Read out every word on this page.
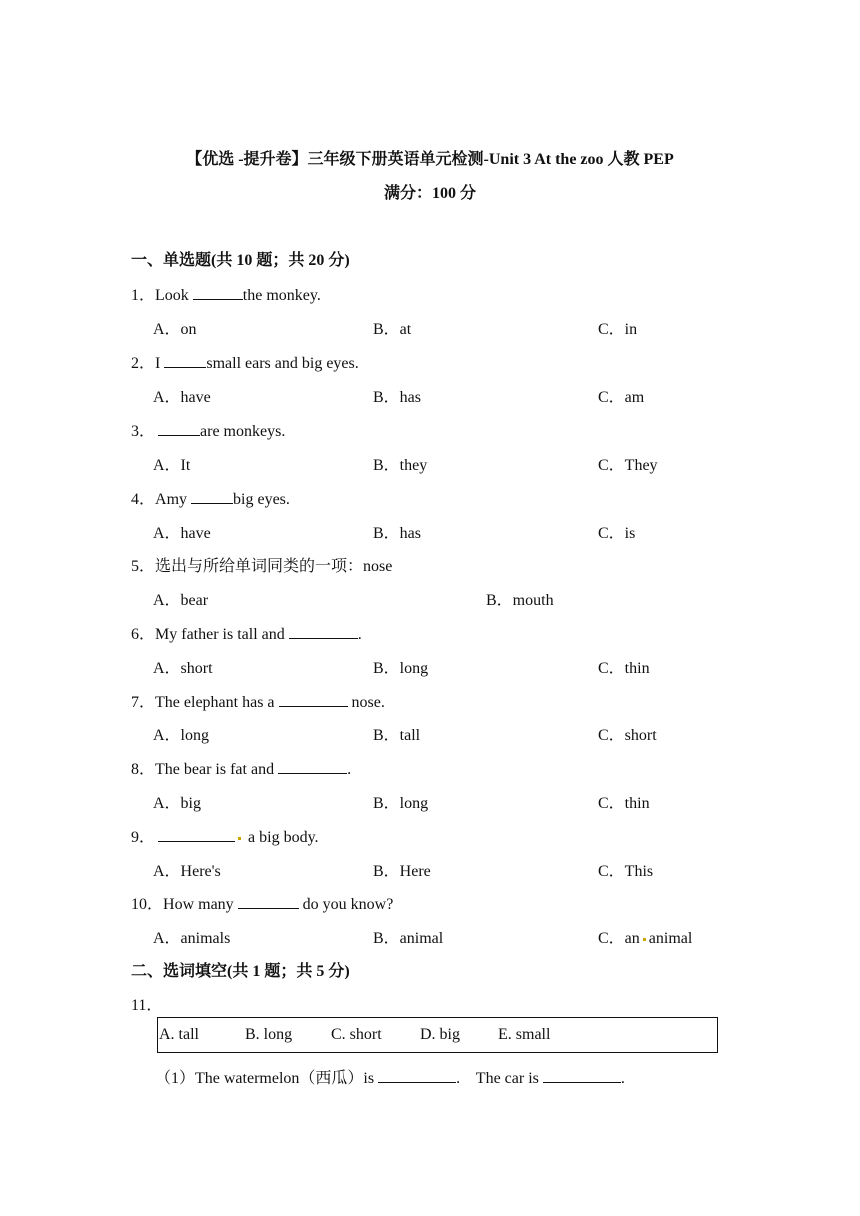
【优选 -提升卷】三年级下册英语单元检测-Unit 3 At the zoo 人教 PEP
满分：100 分
一、单选题(共 10 题；共 20 分)
1．Look	the monkey.
A．on	B．at	C．in
2．I	small ears and big eyes.
A．have	B．has	C．am
3．	are monkeys.
A．It	B．they	C．They
4．Amy	big eyes.
A．have	B．has	C．is
5．选出与所给单词同类的一项：nose
A．bear	B．mouth
6．My father is tall and	.
A．short	B．long	C．thin
7．The elephant has a	nose.
A．long	B．tall	C．short
8．The bear is fat and	.
A．big	B．long	C．thin
9．	a big body.
A．Here's	B．Here	C．This
10．How many	do you know?
A．animals	B．animal	C．an animal
二、选词填空(共 1 题；共 5 分)
11．
A. tall	B. long	C. short	D. big	E. small
（1）The watermelon（西瓜）is	.    The car is	.
